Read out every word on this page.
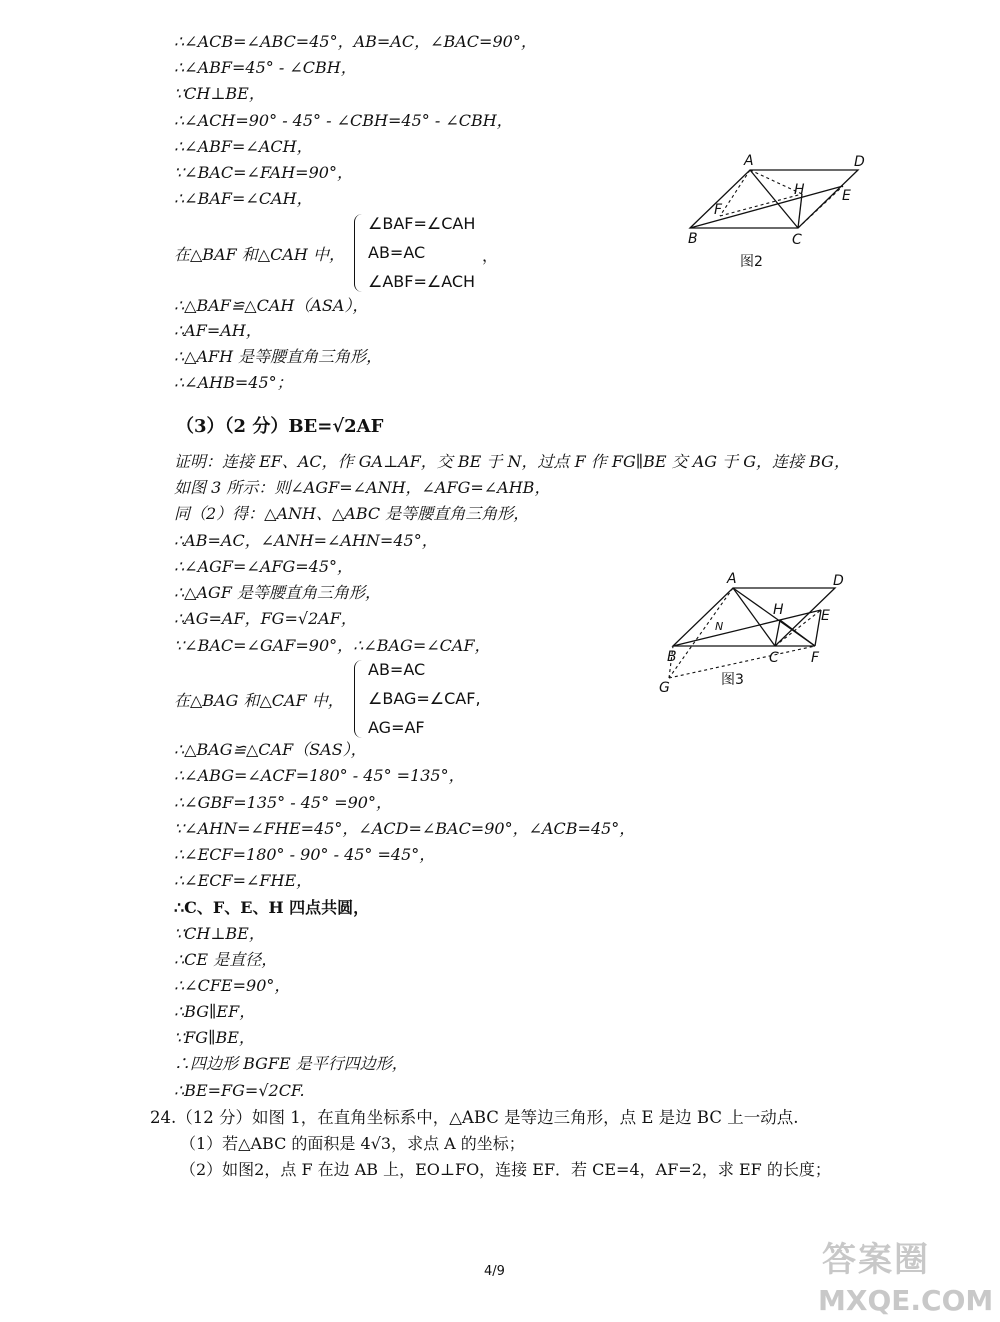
∴∠ACB=∠ABC=45°，AB=AC，∠BAC=90°，
∴∠ABF=45° - ∠CBH，
∵CH⊥BE，
∴∠ACH=90° - 45° - ∠CBH=45° - ∠CBH，
∴∠ABF=∠ACH，
∵∠BAC=∠FAH=90°，
∴∠BAF=∠CAH，
在△BAF 和△CAH 中，
∠BAF=∠CAH
AB=AC	，
∠ABF=∠ACH
∴△BAF≌△CAH（ASA），
∴AF=AH，
∴△AFH 是等腰直角三角形，
∴∠AHB=45°；
（3）（2 分）BE=√2AF
证明：连接 EF、AC，作 GA⊥AF，交 BE 于 N，过点 F 作 FG∥BE 交 AG 于 G，连接 BG，
如图 3 所示：则∠AGF=∠ANH，∠AFG=∠AHB，
同（2）得：△ANH、△ABC 是等腰直角三角形，
∴AB=AC，∠ANH=∠AHN=45°，
∴∠AGF=∠AFG=45°，
∴△AGF 是等腰直角三角形，
∴AG=AF，FG=√2AF，
∵∠BAC=∠GAF=90°，∴∠BAG=∠CAF，
在△BAG 和△CAF 中，
AB=AC
∠BAG=∠CAF,
AG=AF
∴△BAG≌△CAF（SAS），
∴∠ABG=∠ACF=180° - 45° =135°，
∴∠GBF=135° - 45° =90°，
∵∠AHN=∠FHE=45°，∠ACD=∠BAC=90°，∠ACB=45°，
∴∠ECF=180° - 90° - 45° =45°，
∴∠ECF=∠FHE，
∴C、F、E、H 四点共圆，
∵CH⊥BE，
∴CE 是直径，
∴∠CFE=90°，
∴BG∥EF，
∵FG∥BE，
∴四边形 BGFE 是平行四边形，
∴BE=FG=√2CF.
24.（12 分）如图 1，在直角坐标系中，△ABC 是等边三角形，点 E 是边 BC 上一动点.
（1）若△ABC 的面积是 4√3，求点 A 的坐标；
（2）如图2，点 F 在边 AB 上，EO⊥FO，连接 EF．若 CE=4，AF=2，求 EF 的长度；
A	D
H	E
F
B	C
图2
A	D
H	E
N
B	C F
G	图3
4/9	答案圈
MXQE.COM
